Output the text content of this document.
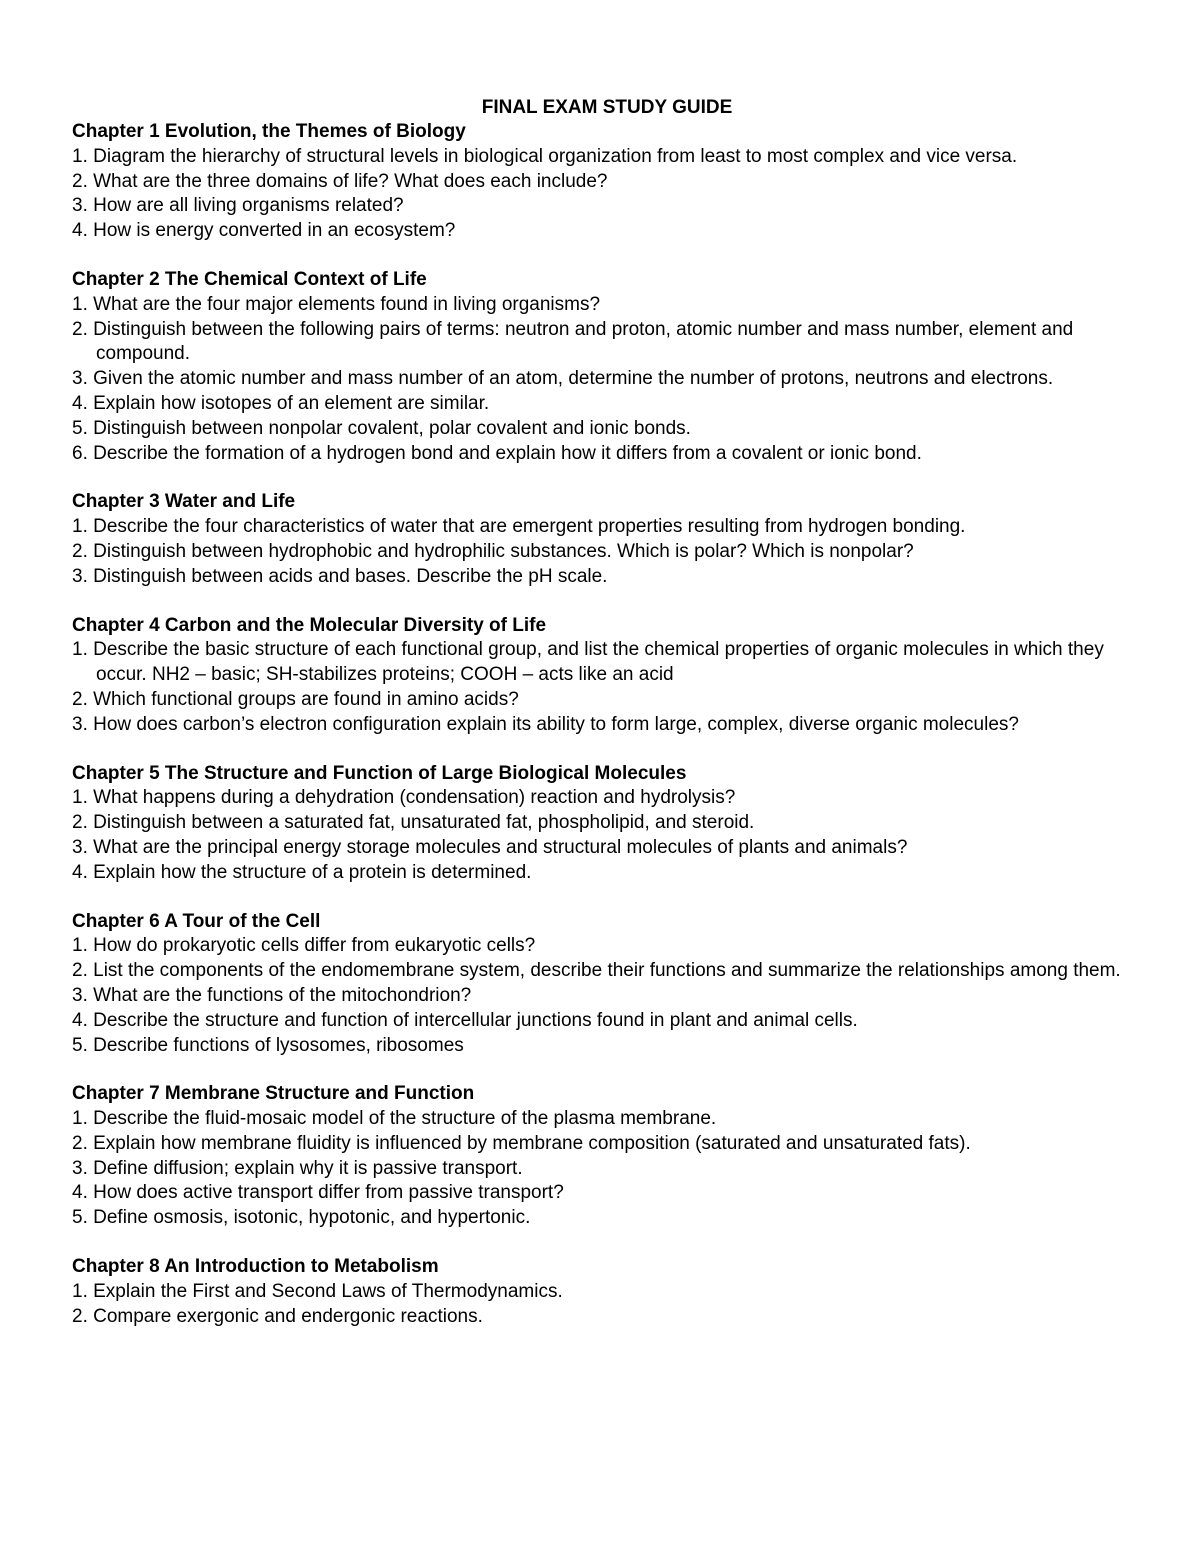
FINAL EXAM STUDY GUIDE
Chapter 1 Evolution, the Themes of Biology

1. Diagram the hierarchy of structural levels in biological organization from least to most complex and vice versa.

2. What are the three domains of life? What does each include?

3. How are all living organisms related?

4. How is energy converted in an ecosystem?

Chapter 2 The Chemical Context of Life

1. What are the four major elements found in living organisms?

2. Distinguish between the following pairs of terms: neutron and proton, atomic number and mass number, element and compound.

3. Given the atomic number and mass number of an atom, determine the number of protons, neutrons and electrons.

4. Explain how isotopes of an element are similar.

5. Distinguish between nonpolar covalent, polar covalent and ionic bonds.

6. Describe the formation of a hydrogen bond and explain how it differs from a covalent or ionic bond.

Chapter 3 Water and Life

1. Describe the four characteristics of water that are emergent properties resulting from hydrogen bonding.

2. Distinguish between hydrophobic and hydrophilic substances. Which is polar? Which is nonpolar?

3. Distinguish between acids and bases. Describe the pH scale.

Chapter 4 Carbon and the Molecular Diversity of Life

1. Describe the basic structure of each functional group, and list the chemical properties of organic molecules in which they occur. NH2 – basic; SH-stabilizes proteins; COOH – acts like an acid

2. Which functional groups are found in amino acids?

3. How does carbon’s electron configuration explain its ability to form large, complex, diverse organic molecules?

Chapter 5 The Structure and Function of Large Biological Molecules

1. What happens during a dehydration (condensation) reaction and hydrolysis?

2. Distinguish between a saturated fat, unsaturated fat, phospholipid, and steroid.

3. What are the principal energy storage molecules and structural molecules of plants and animals?

4. Explain how the structure of a protein is determined.

Chapter 6 A Tour of the Cell

1. How do prokaryotic cells differ from eukaryotic cells?

2. List the components of the endomembrane system, describe their functions and summarize the relationships among them.

3. What are the functions of the mitochondrion?

4. Describe the structure and function of intercellular junctions found in plant and animal cells.

5. Describe functions of lysosomes, ribosomes

Chapter 7 Membrane Structure and Function

1. Describe the fluid-mosaic model of the structure of the plasma membrane.

2. Explain how membrane fluidity is influenced by membrane composition (saturated and unsaturated fats).

3. Define diffusion; explain why it is passive transport.

4. How does active transport differ from passive transport?

5. Define osmosis, isotonic, hypotonic, and hypertonic.

Chapter 8 An Introduction to Metabolism

1. Explain the First and Second Laws of Thermodynamics.

2. Compare exergonic and endergonic reactions.
